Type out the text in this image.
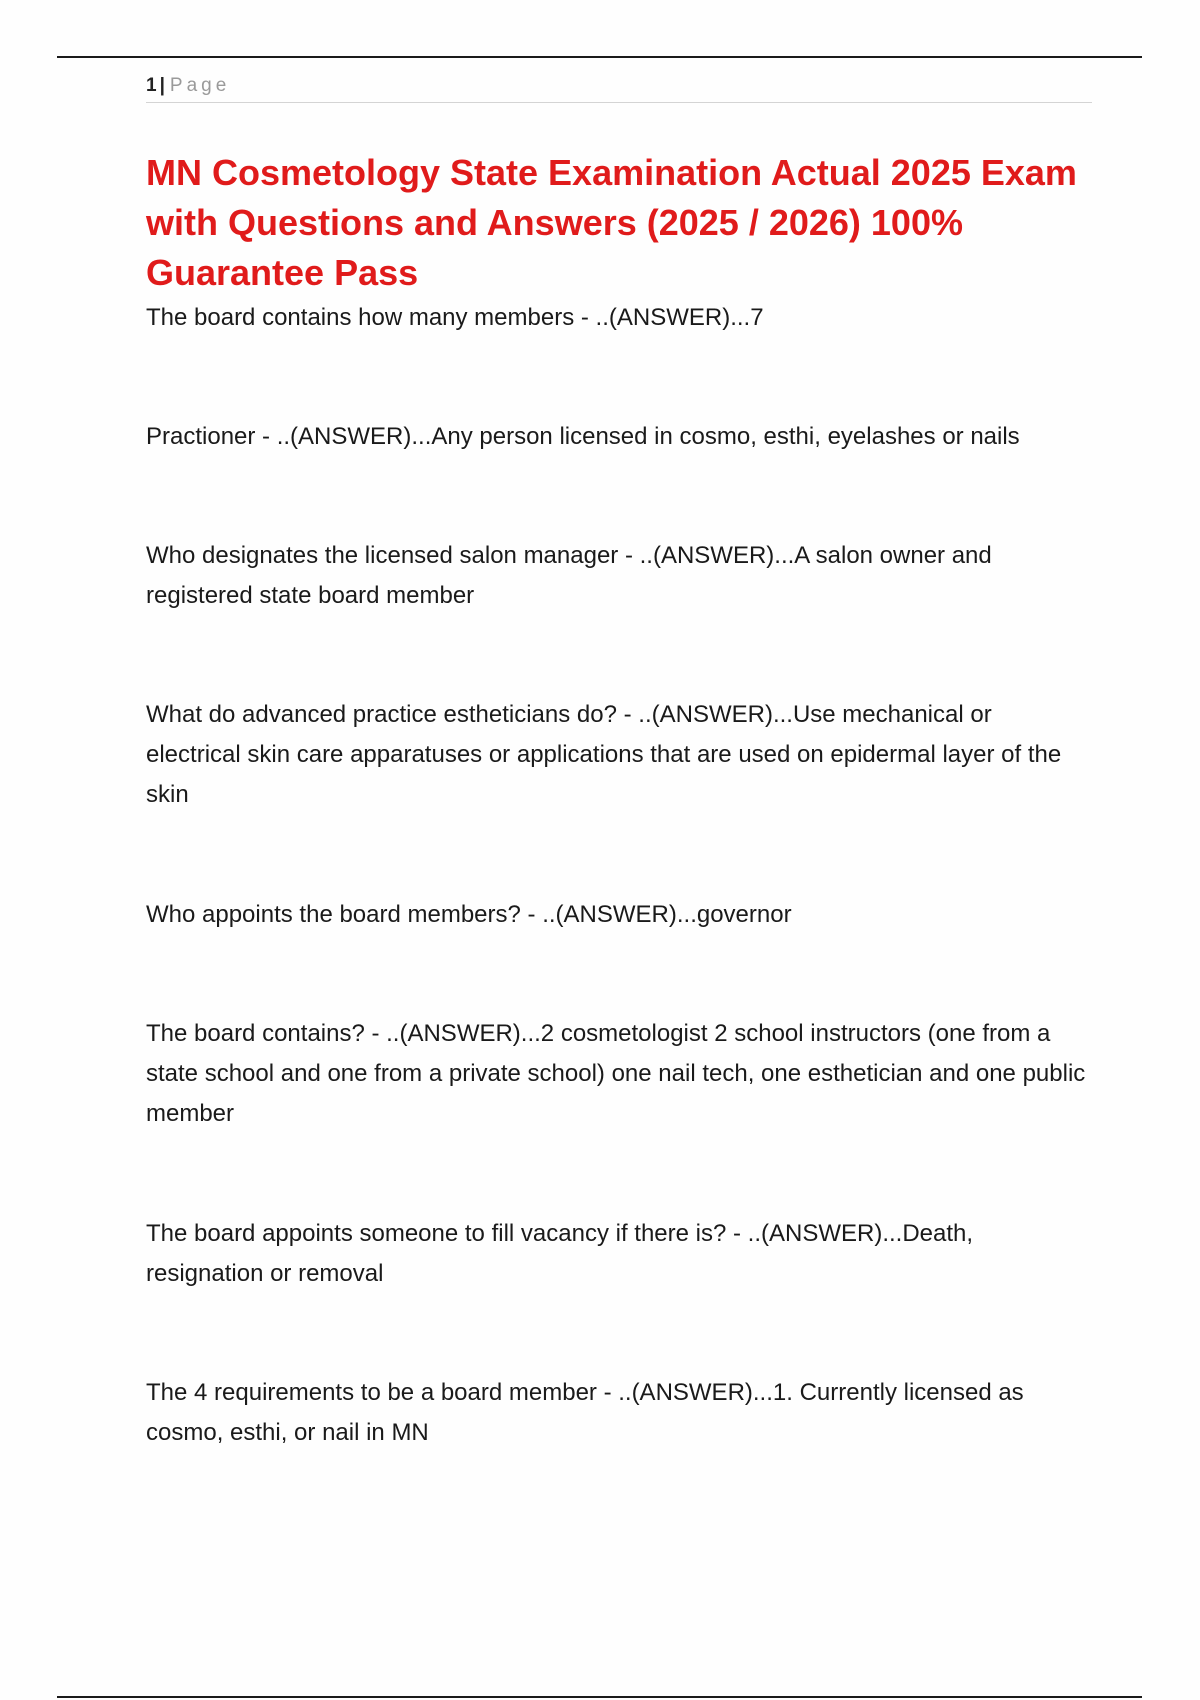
1 | Page
MN Cosmetology State Examination Actual 2025 Exam with Questions and Answers (2025 / 2026) 100% Guarantee Pass
The board contains how many members - ..(ANSWER)...7
Practioner - ..(ANSWER)...Any person licensed in cosmo, esthi, eyelashes or nails
Who designates the licensed salon manager - ..(ANSWER)...A salon owner and registered state board member
What do advanced practice estheticians do? - ..(ANSWER)...Use mechanical or electrical skin care apparatuses or applications that are used on epidermal layer of the skin
Who appoints the board members? - ..(ANSWER)...governor
The board contains? - ..(ANSWER)...2 cosmetologist 2 school instructors (one from a state school and one from a private school) one nail tech, one esthetician and one public member
The board appoints someone to fill vacancy if there is? - ..(ANSWER)...Death, resignation or removal
The 4 requirements to be a board member - ..(ANSWER)...1. Currently licensed as cosmo, esthi, or nail in MN
